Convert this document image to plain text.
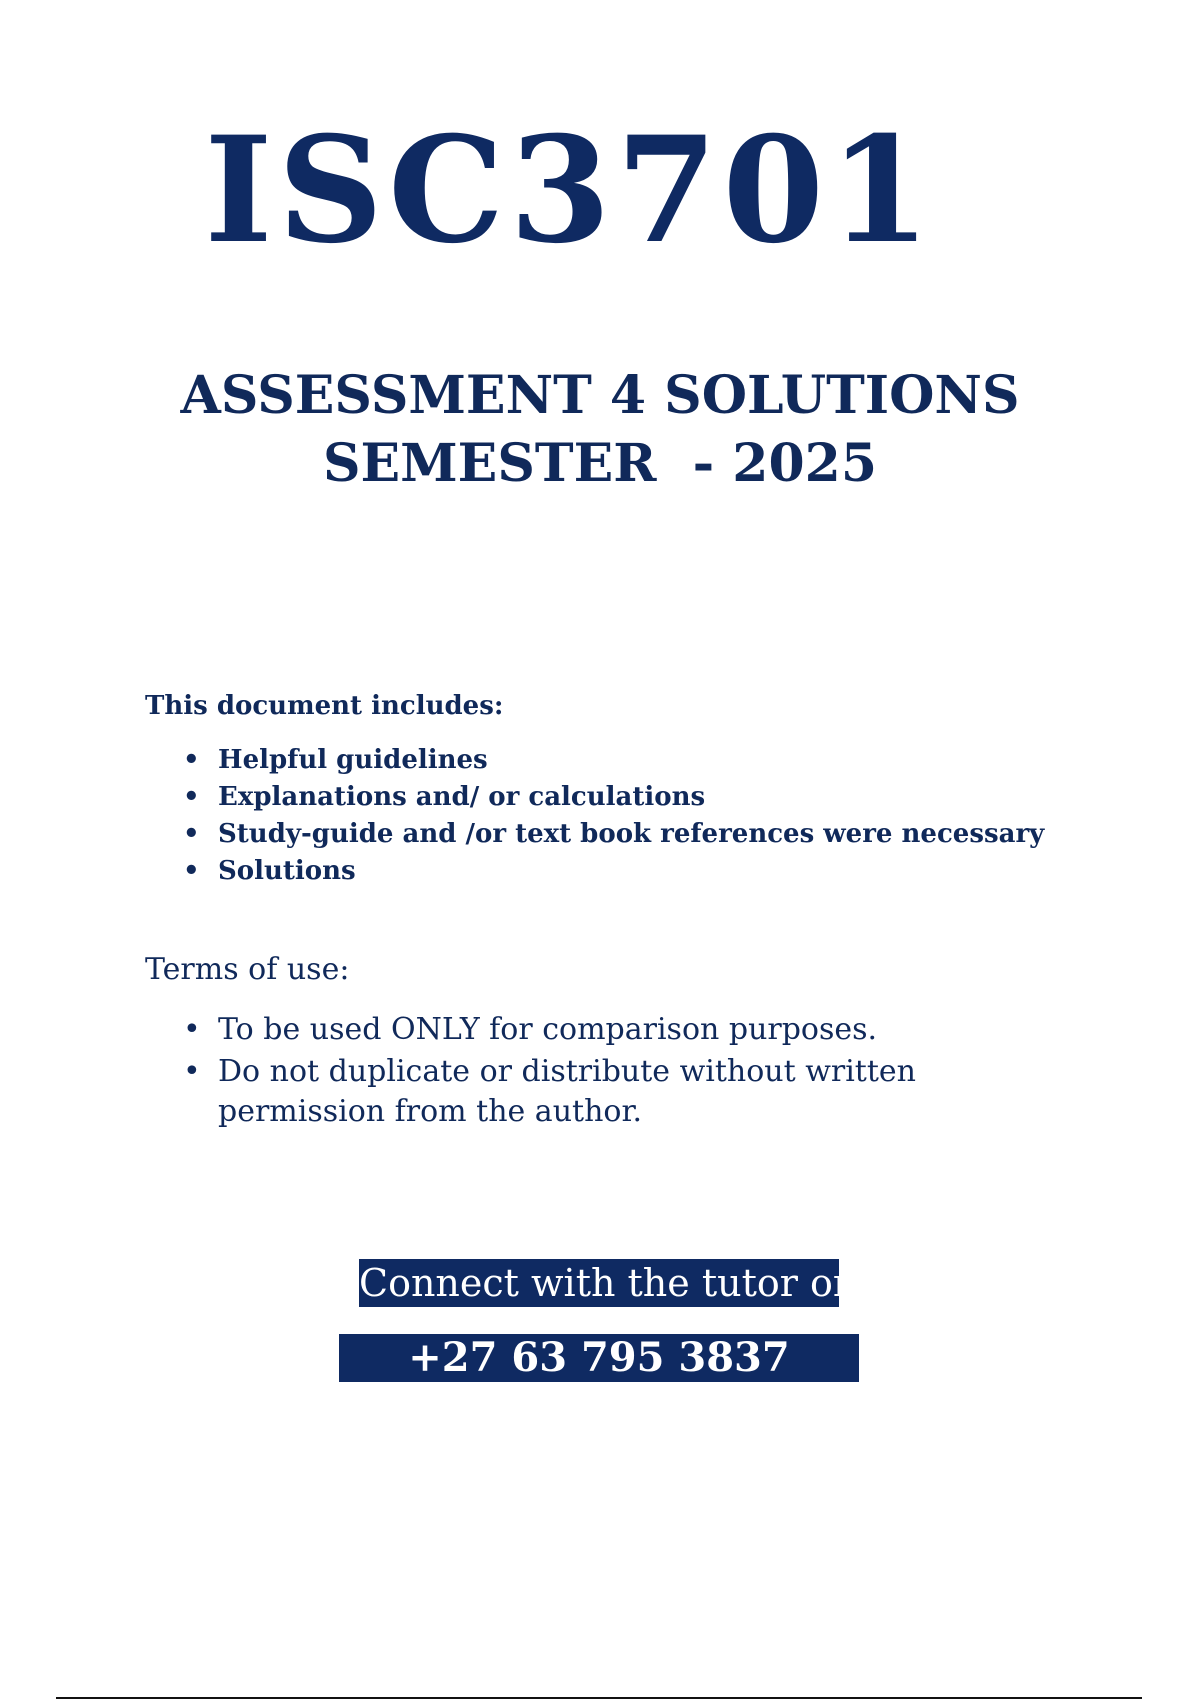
ISC3701
ASSESSMENT 4 SOLUTIONS
SEMESTER  - 2025
This document includes:
• Helpful guidelines
• Explanations and/ or calculations
• Study-guide and /or text book references were necessary
• Solutions
Terms of use:
• To be used ONLY for comparison purposes.
• Do not duplicate or distribute without written permission from the author.
Connect with the tutor on
+27 63 795 3837
